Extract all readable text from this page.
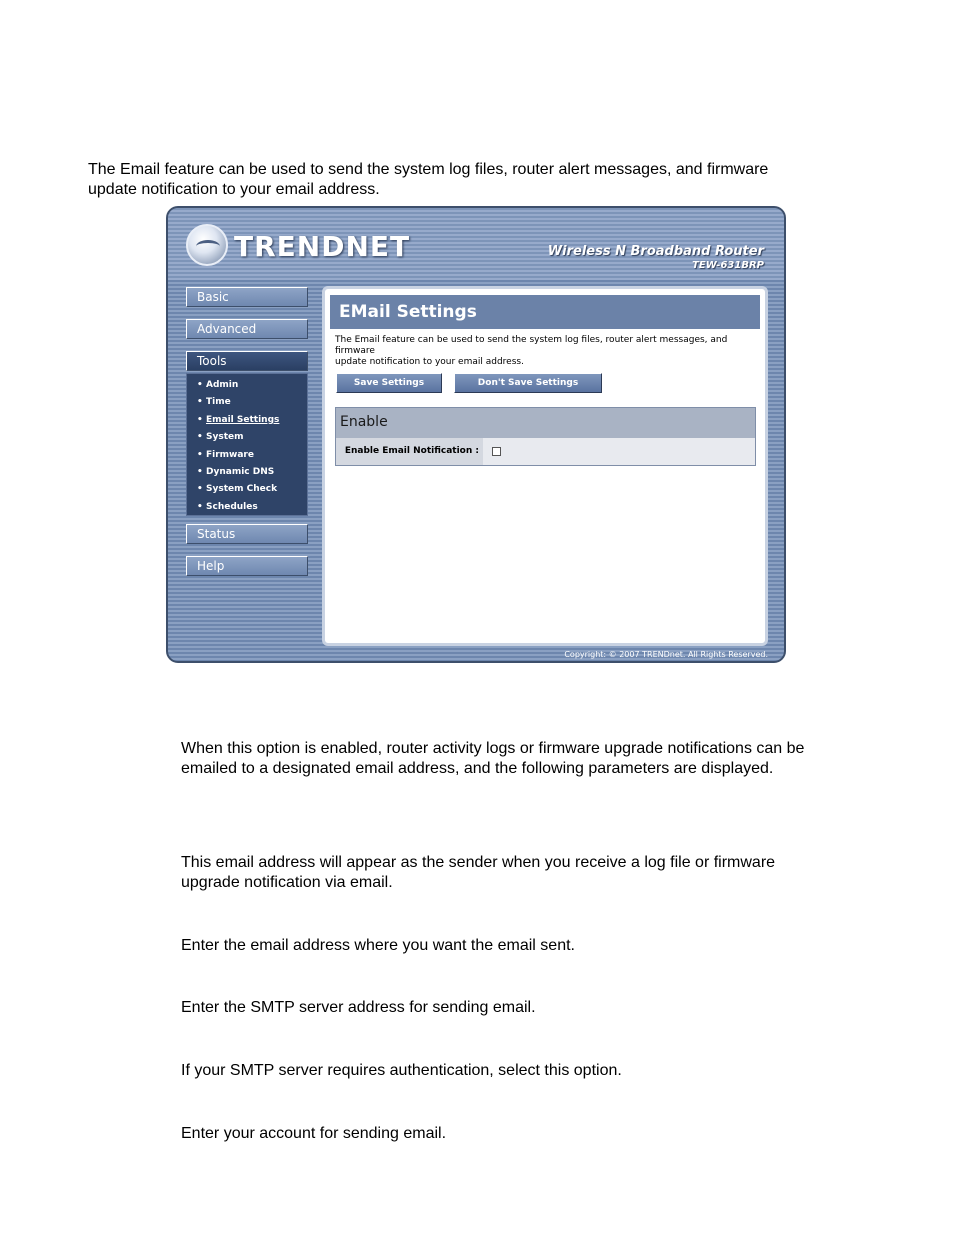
The Email feature can be used to send the system log files, router alert messages, and firmware

update notification to your email address.

TRENDNET	Wireless N Broadband Router
TEW-631BRP
Basic
Advanced
Tools
• Admin
• Time
• Email Settings
• System
• Firmware
• Dynamic DNS
• System Check
• Schedules
Status
Help
EMail Settings
The Email feature can be used to send the system log files, router alert messages, and firmware
update notification to your email address.
Save Settings	Don't Save Settings
Enable
Enable Email Notification :
Copyright: © 2007 TRENDnet. All Rights Reserved.

When this option is enabled, router activity logs or firmware upgrade notifications can be

emailed to a designated email address, and the following parameters are displayed.

This email address will appear as the sender when you receive a log file or firmware

upgrade notification via email.

Enter the email address where you want the email sent.

Enter the SMTP server address for sending email.

If your SMTP server requires authentication, select this option.

Enter your account for sending email.
